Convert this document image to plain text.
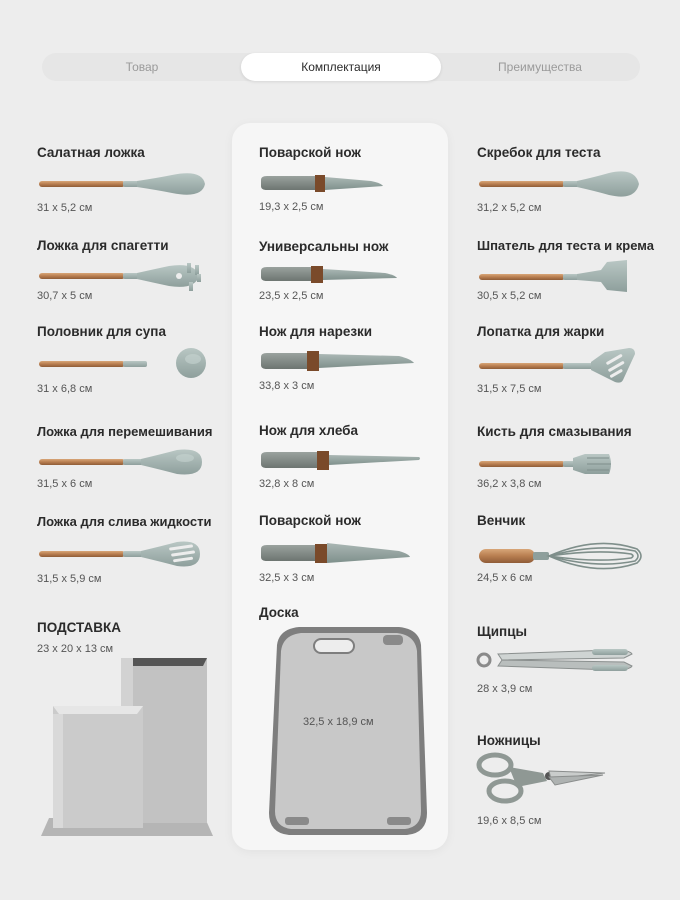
Товар	Комплектация	Преимущества
Салатная ложка
31 x 5,2 см
Ложка для спагетти
30,7 x 5 см
Половник для супа
31 x 6,8 см
Ложка для перемешивания
31,5 x 6 см
Ложка для слива жидкости
31,5 x 5,9 см
ПОДСТАВКА
23 x 20 x 13 см
Поварской нож
19,3 x 2,5 см
Универсальны нож
23,5 x 2,5 см
Нож для нарезки
33,8 x 3 см
Нож для хлеба
32,8 x 8 см
Поварской нож
32,5 x 3 см
Доска
32,5 x 18,9 см
Скребок для теста
31,2 x 5,2 см
Шпатель для теста и крема
30,5 x 5,2 см
Лопатка для жарки
31,5 x 7,5 см
Кисть для смазывания
36,2 x 3,8 см
Венчик
24,5 x 6 см
Щипцы
28 x 3,9 см
Ножницы
19,6 x 8,5 см
